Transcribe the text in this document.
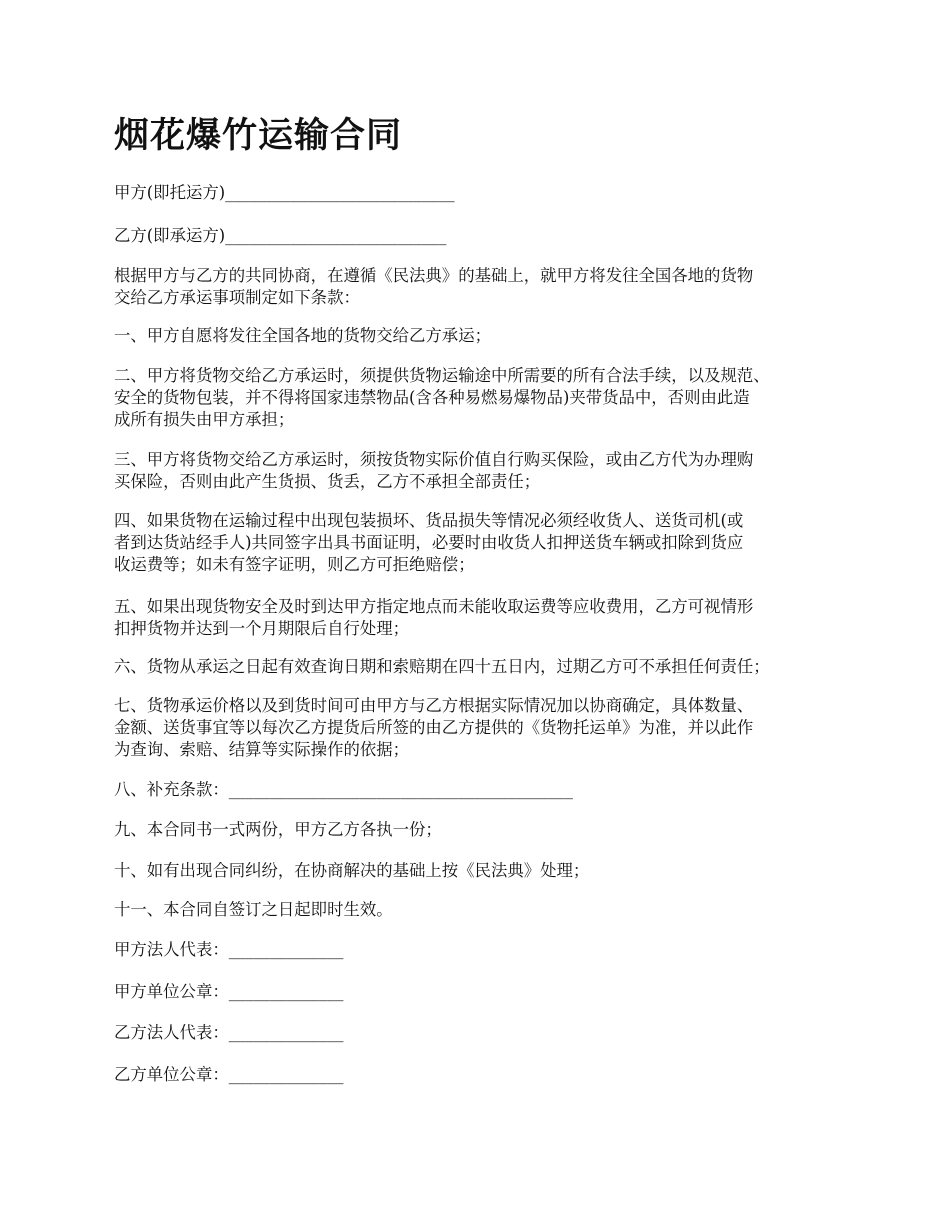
烟花爆竹运输合同

甲方(即托运方)____________________________

乙方(即承运方)___________________________

根据甲方与乙方的共同协商，在遵循《民法典》的基础上，就甲方将发往全国各地的货物
交给乙方承运事项制定如下条款：
一、甲方自愿将发往全国各地的货物交给乙方承运；
二、甲方将货物交给乙方承运时，须提供货物运输途中所需要的所有合法手续，以及规范、
安全的货物包装，并不得将国家违禁物品(含各种易燃易爆物品)夹带货品中，否则由此造
成所有损失由甲方承担；
三、甲方将货物交给乙方承运时，须按货物实际价值自行购买保险，或由乙方代为办理购
买保险，否则由此产生货损、货丢，乙方不承担全部责任；
四、如果货物在运输过程中出现包装损坏、货品损失等情况必须经收货人、送货司机(或
者到达货站经手人)共同签字出具书面证明，必要时由收货人扣押送货车辆或扣除到货应
收运费等；如未有签字证明，则乙方可拒绝赔偿；
五、如果出现货物安全及时到达甲方指定地点而未能收取运费等应收费用，乙方可视情形
扣押货物并达到一个月期限后自行处理；
六、货物从承运之日起有效查询日期和索赔期在四十五日内，过期乙方可不承担任何责任；
七、货物承运价格以及到货时间可由甲方与乙方根据实际情况加以协商确定，具体数量、
金额、送货事宜等以每次乙方提货后所签的由乙方提供的《货物托运单》为准，并以此作
为查询、索赔、结算等实际操作的依据；

八、补充条款：__________________________________________

九、本合同书一式两份，甲方乙方各执一份；

十、如有出现合同纠纷，在协商解决的基础上按《民法典》处理；

十一、本合同自签订之日起即时生效。

甲方法人代表：______________

甲方单位公章：______________

乙方法人代表：______________

乙方单位公章：______________
